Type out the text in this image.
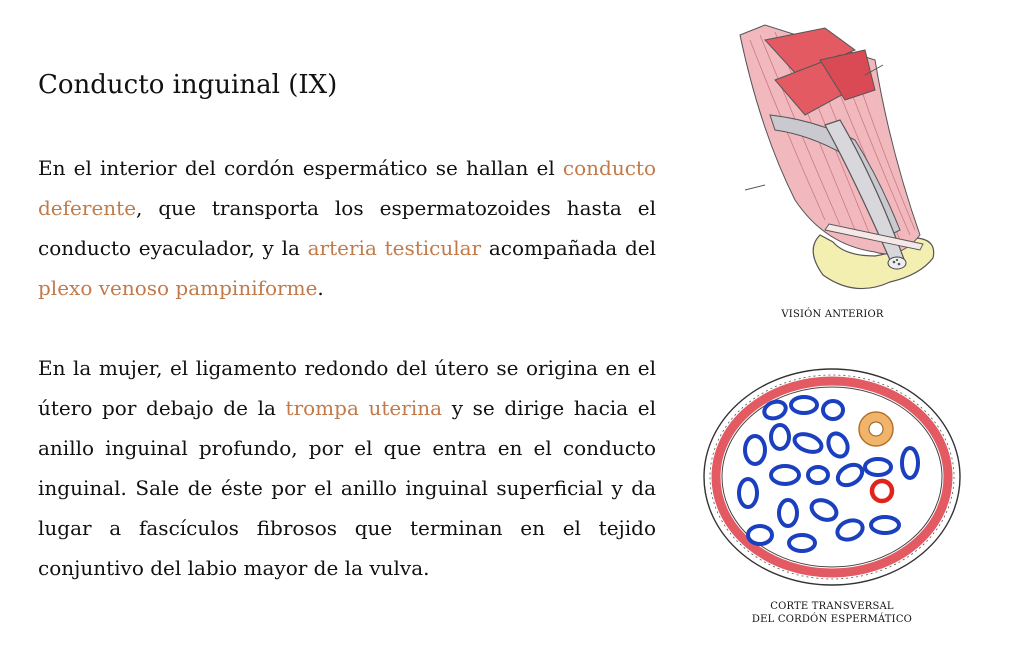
Conducto inguinal (IX)

En el interior del cordón espermático se hallan el conducto deferente, que transporta los espermatozoides hasta el conducto eyaculador, y la arteria testicular acompañada del plexo venoso pampiniforme.

En la mujer, el ligamento redondo del útero se origina en el útero por debajo de la trompa uterina y se dirige hacia el anillo inguinal profundo, por el que entra en el conducto inguinal. Sale de éste por el anillo inguinal superficial y da lugar a fascículos fibrosos que terminan en el tejido conjuntivo del labio mayor de la vulva.

VISIÓN ANTERIOR
CORTE TRANSVERSAL
DEL CORDÓN ESPERMÁTICO
